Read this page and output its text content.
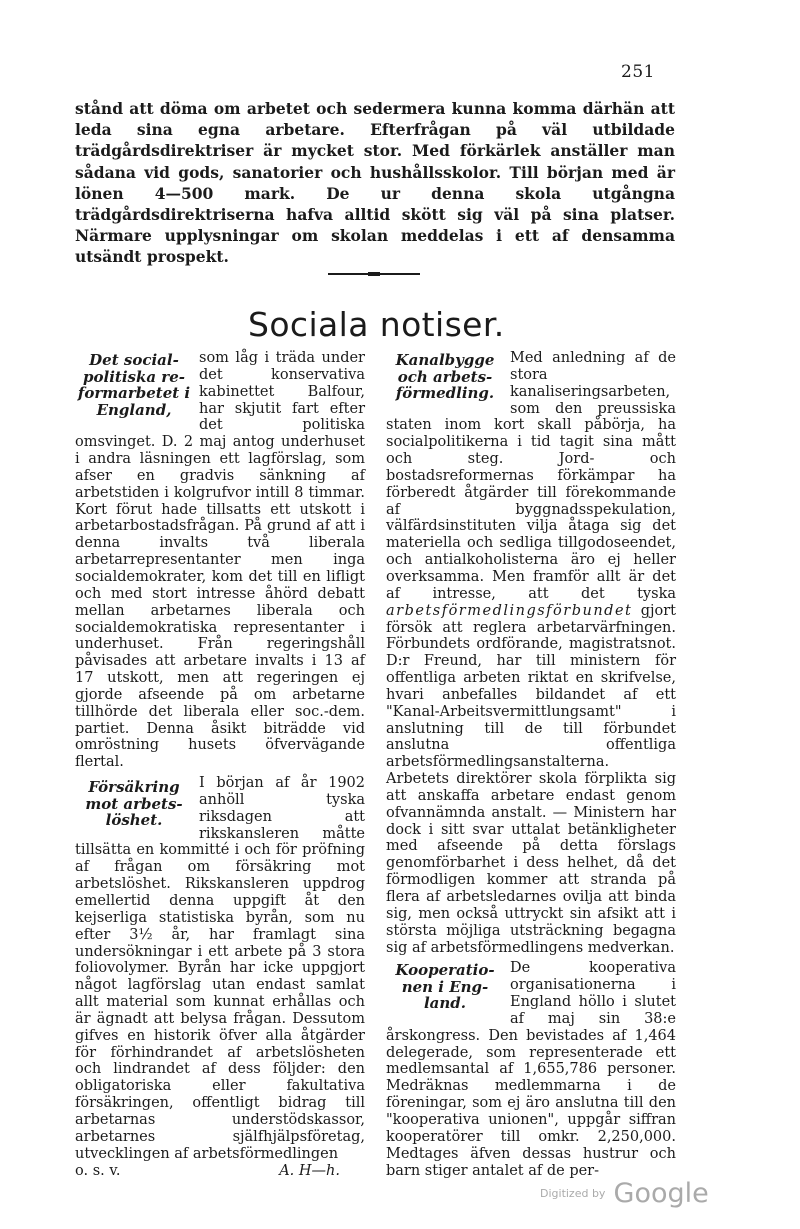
251

stånd att döma om arbetet och sedermera kunna komma därhän att leda sina egna arbetare. Efterfrågan på väl utbildade trädgårdsdirektriser är mycket stor. Med förkärlek anställer man sådana vid gods, sanatorier och hushållsskolor. Till början med är lönen 4—500 mark. De ur denna skola utgångna trädgårdsdirektriserna hafva alltid skött sig väl på sina platser. Närmare upplysningar om skolan meddelas i ett af densamma utsändt prospekt.

Sociala notiser.
Det social-politiska re-formarbetet i England,

som låg i träda under det konservativa kabinettet Balfour, har skjutit fart efter det politiska omsvinget. D. 2 maj antog underhuset i andra läsningen ett lagförslag, som afser en gradvis sänkning af arbetstiden i kolgrufvor intill 8 timmar. Kort förut hade tillsatts ett utskott i arbetarbostadsfrågan. På grund af att i denna invalts två liberala arbetarrepresentanter men inga socialdemokrater, kom det till en lifligt och med stort intresse åhörd debatt mellan arbetarnes liberala och socialdemokratiska representanter i underhuset. Från regeringshåll påvisades att arbetare invalts i 13 af 17 utskott, men att regeringen ej gjorde afseende på om arbetarne tillhörde det liberala eller soc.-dem. partiet. Denna åsikt biträdde vid omröstning husets öfvervägande flertal.

Försäkring mot arbets-löshet.

I början af år 1902 anhöll tyska riksdagen att rikskansleren måtte tillsätta en kommitté i och för pröfning af frågan om försäkring mot arbetslöshet. Rikskansleren uppdrog emellertid denna uppgift åt den kejserliga statistiska byrån, som nu efter 3½ år, har framlagt sina undersökningar i ett arbete på 3 stora foliovolymer. Byrån har icke uppgjort något lagförslag utan endast samlat allt material som kunnat erhållas och är ägnadt att belysa frågan. Dessutom gifves en historik öfver alla åtgärder för förhindrandet af arbetslösheten och lindrandet af dess följder: den obligatoriska eller fakultativa försäkringen, offentligt bidrag till arbetarnas understödskassor, arbetarnes själfhjälpsföretag, utvecklingen af arbetsförmedlingen

o. s. v.	A. H—h.
Kanalbygge och arbets-förmedling.

Med anledning af de stora kanaliseringsarbeten, som den preussiska staten inom kort skall påbörja, ha socialpolitikerna i tid tagit sina mått och steg. Jord- och bostadsreformernas förkämpar ha förberedt åtgärder till förekommande af byggnadsspekulation, välfärdsinstituten vilja åtaga sig det materiella och sedliga tillgodoseendet, och antialkoholisterna äro ej heller overksamma. Men framför allt är det af intresse, att det tyska arbetsförmedlingsförbundet gjort försök att reglera arbetarvärfningen. Förbundets ordförande, magistratsnot. D:r Freund, har till ministern för offentliga arbeten riktat en skrifvelse, hvari anbefalles bildandet af ett "Kanal-Arbeitsvermittlungsamt" i anslutning till de till förbundet anslutna offentliga arbetsförmedlingsanstalterna. Arbetets direktörer skola förplikta sig att anskaffa arbetare endast genom ofvannämnda anstalt. — Ministern har dock i sitt svar uttalat betänkligheter med afseende på detta förslags genomförbarhet i dess helhet, då det förmodligen kommer att stranda på flera af arbetsledarnes ovilja att binda sig, men också uttryckt sin afsikt att i största möjliga utsträckning begagna sig af arbetsförmedlingens medverkan.

Kooperatio-nen i Eng-land.

De kooperativa organisationerna i England höllo i slutet af maj sin 38:e årskongress. Den bevistades af 1,464 delegerade, som representerade ett medlemsantal af 1,655,786 personer. Medräknas medlemmarna i de föreningar, som ej äro anslutna till den "kooperativa unionen", uppgår siffran kooperatörer till omkr. 2,250,000. Medtages äfven dessas hustrur och barn stiger antalet af de per-

Digitized by Google
